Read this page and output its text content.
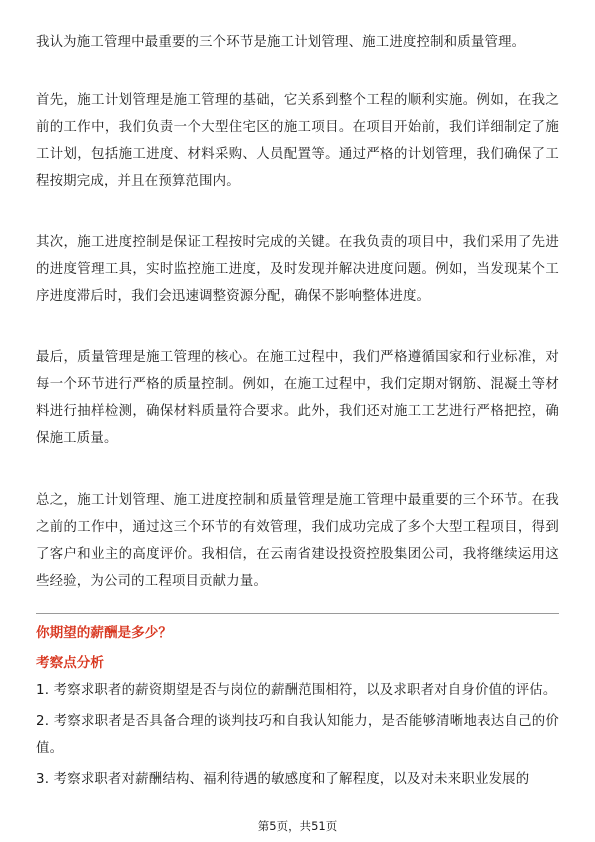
我认为施工管理中最重要的三个环节是施工计划管理、施工进度控制和质量管理。

首先，施工计划管理是施工管理的基础，它关系到整个工程的顺利实施。例如，在我之前的工作中，我们负责一个大型住宅区的施工项目。在项目开始前，我们详细制定了施工计划，包括施工进度、材料采购、人员配置等。通过严格的计划管理，我们确保了工程按期完成，并且在预算范围内。

其次，施工进度控制是保证工程按时完成的关键。在我负责的项目中，我们采用了先进的进度管理工具，实时监控施工进度，及时发现并解决进度问题。例如，当发现某个工序进度滞后时，我们会迅速调整资源分配，确保不影响整体进度。

最后，质量管理是施工管理的核心。在施工过程中，我们严格遵循国家和行业标准，对每一个环节进行严格的质量控制。例如，在施工过程中，我们定期对钢筋、混凝土等材料进行抽样检测，确保材料质量符合要求。此外，我们还对施工工艺进行严格把控，确保施工质量。

总之，施工计划管理、施工进度控制和质量管理是施工管理中最重要的三个环节。在我之前的工作中，通过这三个环节的有效管理，我们成功完成了多个大型工程项目，得到了客户和业主的高度评价。我相信，在云南省建设投资控股集团公司，我将继续运用这些经验，为公司的工程项目贡献力量。

你期望的薪酬是多少？
考察点分析
1. 考察求职者的薪资期望是否与岗位的薪酬范围相符，以及求职者对自身价值的评估。
2. 考察求职者是否具备合理的谈判技巧和自我认知能力，是否能够清晰地表达自己的价值。
3. 考察求职者对薪酬结构、福利待遇的敏感度和了解程度，以及对未来职业发展的
第5页，共51页
